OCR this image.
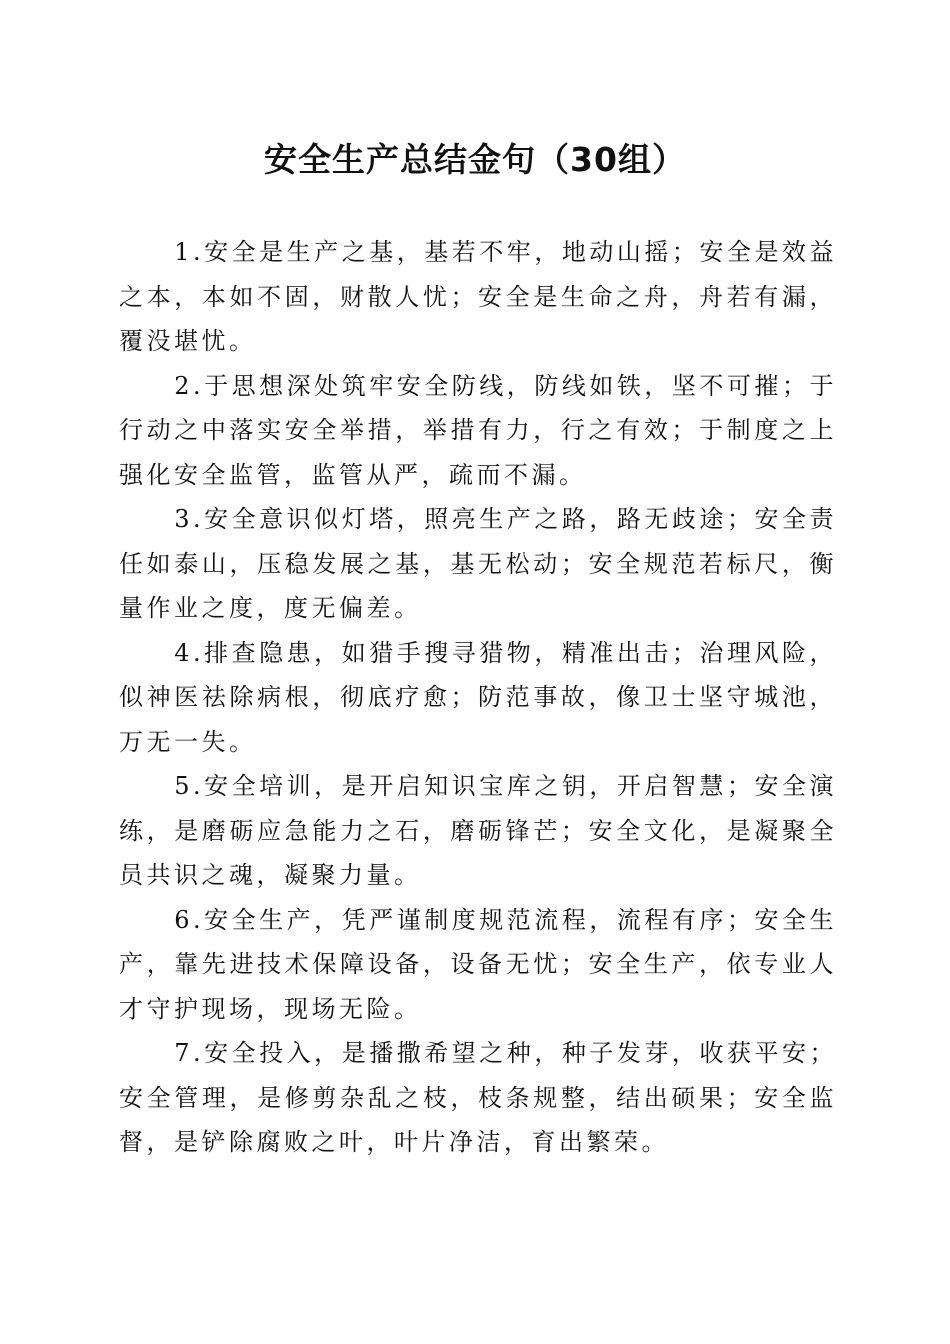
安全生产总结金句（30组）

1.安全是生产之基，基若不牢，地动山摇；安全是效益之本，本如不固，财散人忧；安全是生命之舟，舟若有漏，覆没堪忧。

2.于思想深处筑牢安全防线，防线如铁，坚不可摧；于行动之中落实安全举措，举措有力，行之有效；于制度之上强化安全监管，监管从严，疏而不漏。

3.安全意识似灯塔，照亮生产之路，路无歧途；安全责任如泰山，压稳发展之基，基无松动；安全规范若标尺，衡量作业之度，度无偏差。

4.排查隐患，如猎手搜寻猎物，精准出击；治理风险，似神医祛除病根，彻底疗愈；防范事故，像卫士坚守城池，万无一失。

5.安全培训，是开启知识宝库之钥，开启智慧；安全演练，是磨砺应急能力之石，磨砺锋芒；安全文化，是凝聚全员共识之魂，凝聚力量。

6.安全生产，凭严谨制度规范流程，流程有序；安全生产，靠先进技术保障设备，设备无忧；安全生产，依专业人才守护现场，现场无险。

7.安全投入，是播撒希望之种，种子发芽，收获平安；安全管理，是修剪杂乱之枝，枝条规整，结出硕果；安全监督，是铲除腐败之叶，叶片净洁，育出繁荣。
